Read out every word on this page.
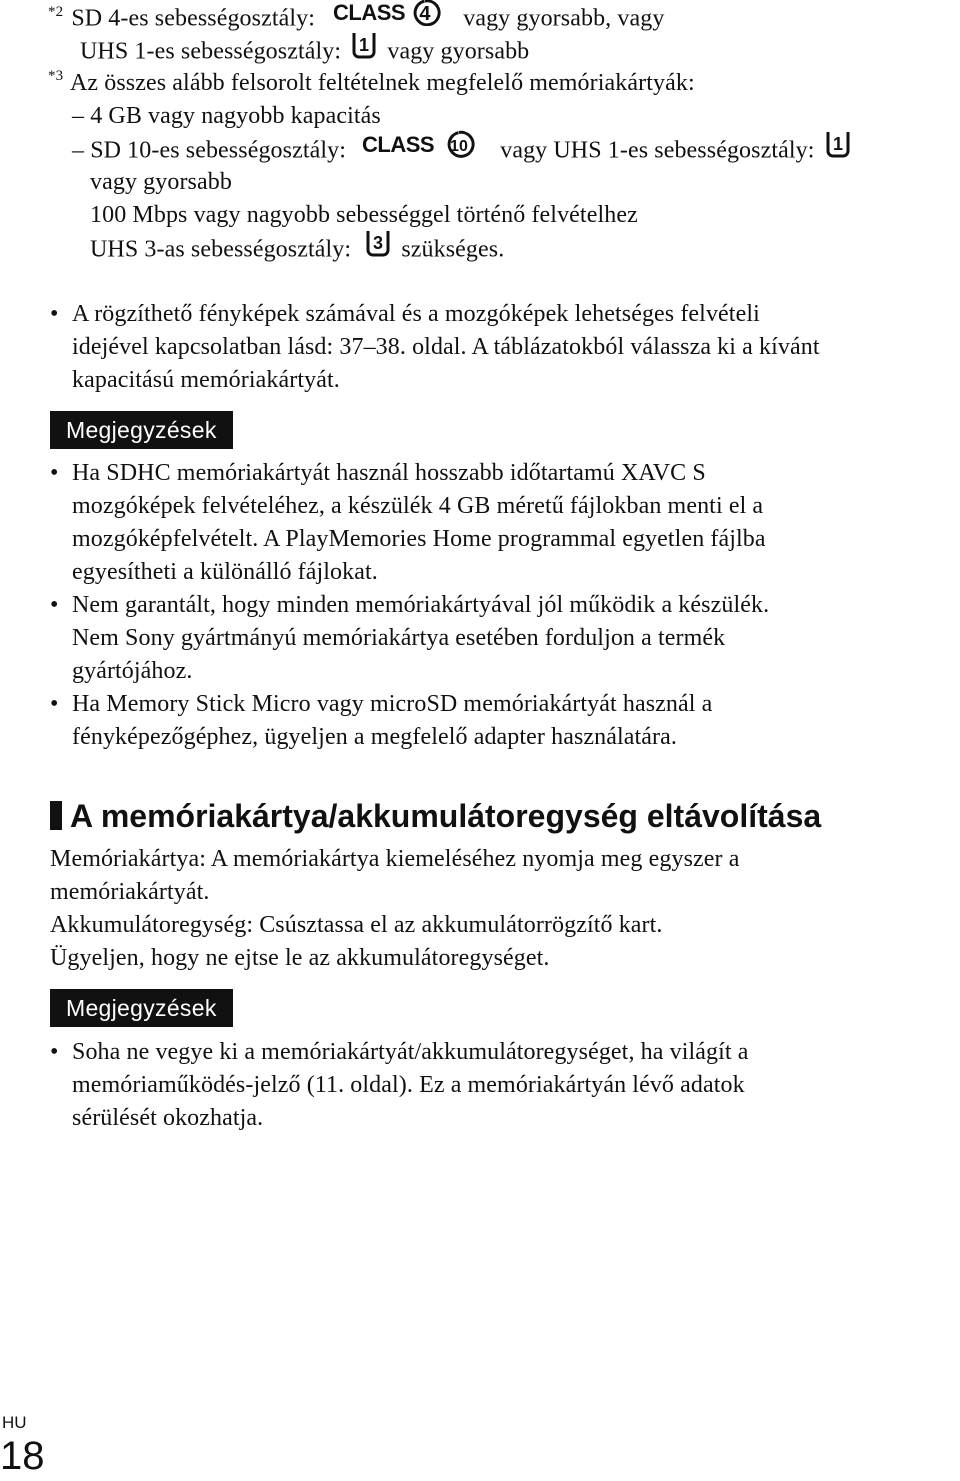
$^{*2}$ SD 4-es sebességosztály: CLASS 4 vagy gyorsabb, vagy
UHS 1-es sebességosztály: 1 vagy gyorsabb
$^{*3}$ Az összes alább felsorolt feltételnek megfelelő memóriakártyák:
– 4 GB vagy nagyobb kapacitás
– SD 10-es sebességosztály: CLASS 10 vagy UHS 1-es sebességosztály: 1
vagy gyorsabb
100 Mbps vagy nagyobb sebességgel történő felvételhez
UHS 3-as sebességosztály: 3 szükséges.
• A rögzíthető fényképek számával és a mozgóképek lehetséges felvételi
idejével kapcsolatban lásd: 37–38. oldal. A táblázatokból válassza ki a kívánt
kapacitású memóriakártyát.
Megjegyzések
• Ha SDHC memóriakártyát használ hosszabb időtartamú XAVC S
mozgóképek felvételéhez, a készülék 4 GB méretű fájlokban menti el a
mozgóképfelvételt. A PlayMemories Home programmal egyetlen fájlba
egyesítheti a különálló fájlokat.
• Nem garantált, hogy minden memóriakártyával jól működik a készülék.
Nem Sony gyártmányú memóriakártya esetében forduljon a termék
gyártójához.
• Ha Memory Stick Micro vagy microSD memóriakártyát használ a
fényképezőgéphez, ügyeljen a megfelelő adapter használatára.
A memóriakártya/akkumulátoregység eltávolítása
Memóriakártya: A memóriakártya kiemeléséhez nyomja meg egyszer a
memóriakártyát.
Akkumulátoregység: Csúsztassa el az akkumulátorrögzítő kart.
Ügyeljen, hogy ne ejtse le az akkumulátoregységet.
Megjegyzések
• Soha ne vegye ki a memóriakártyát/akkumulátoregységet, ha világít a
memóriaműködés-jelző (11. oldal). Ez a memóriakártyán lévő adatok
sérülését okozhatja.
HU
18
